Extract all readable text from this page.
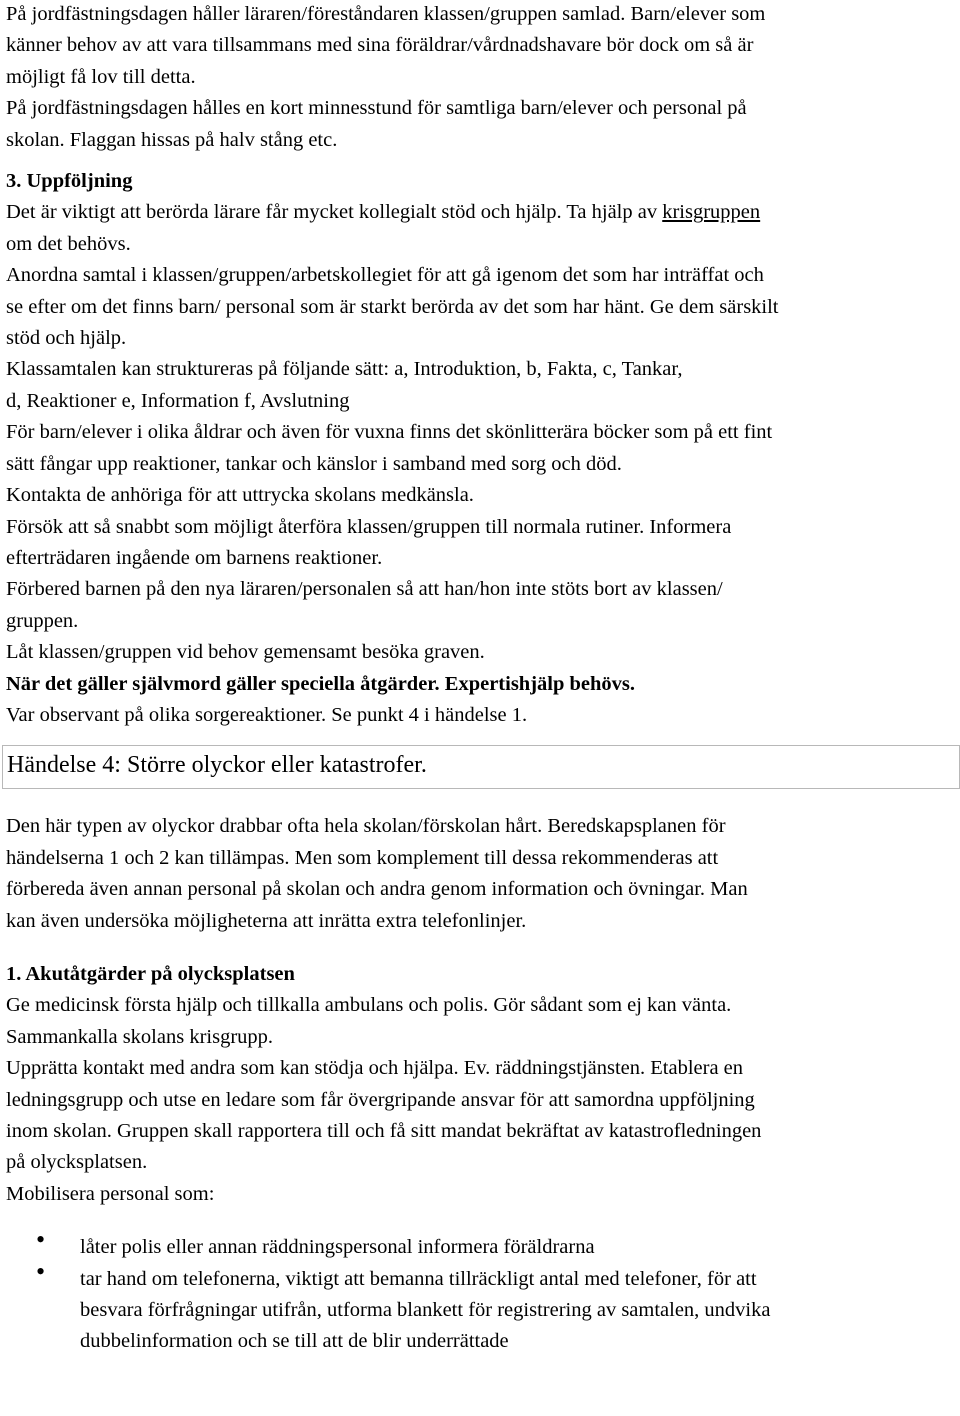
På jordfästningsdagen håller läraren/föreståndaren klassen/gruppen samlad. Barn/elever som

känner behov av att vara tillsammans med sina föräldrar/vårdnadshavare bör dock om så är

möjligt få lov till detta.

På jordfästningsdagen hålles en kort minnesstund för samtliga barn/elever och personal på

skolan. Flaggan hissas på halv stång etc.

3. Uppföljning

Det är viktigt att berörda lärare får mycket kollegialt stöd och hjälp. Ta hjälp av krisgruppen

om det behövs.

Anordna samtal i klassen/gruppen/arbetskollegiet för att gå igenom det som har inträffat och

se efter om det finns barn/ personal som är starkt berörda av det som har hänt. Ge dem särskilt

stöd och hjälp.

Klassamtalen kan struktureras på följande sätt: a, Introduktion, b, Fakta, c, Tankar,

d, Reaktioner e, Information f, Avslutning

För barn/elever i olika åldrar och även för vuxna finns det skönlitterära böcker som på ett fint

sätt fångar upp reaktioner, tankar och känslor i samband med sorg och död.

Kontakta de anhöriga för att uttrycka skolans medkänsla.

Försök att så snabbt som möjligt återföra klassen/gruppen till normala rutiner. Informera

efterträdaren ingående om barnens reaktioner.

Förbered barnen på den nya läraren/personalen så att han/hon inte stöts bort av klassen/

gruppen.

Låt klassen/gruppen vid behov gemensamt besöka graven.

När det gäller självmord gäller speciella åtgärder. Expertishjälp behövs.

Var observant på olika sorgereaktioner. Se punkt 4 i händelse 1.

Händelse 4: Större olyckor eller katastrofer.

Den här typen av olyckor drabbar ofta hela skolan/förskolan hårt. Beredskapsplanen för

händelserna 1 och 2 kan tillämpas. Men som komplement till dessa rekommenderas att

förbereda även annan personal på skolan och andra genom information och övningar. Man

kan även undersöka möjligheterna att inrätta extra telefonlinjer.

1. Akutåtgärder på olycksplatsen

Ge medicinsk första hjälp och tillkalla ambulans och polis. Gör sådant som ej kan vänta.

Sammankalla skolans krisgrupp.

Upprätta kontakt med andra som kan stödja och hjälpa. Ev. räddningstjänsten. Etablera en

ledningsgrupp och utse en ledare som får övergripande ansvar för att samordna uppföljning

inom skolan. Gruppen skall rapportera till och få sitt mandat bekräftat av katastrofledningen

på olycksplatsen.

Mobilisera personal som:

• låter polis eller annan räddningspersonal informera föräldrarna
• tar hand om telefonerna, viktigt att bemanna tillräckligt antal med telefoner, för att
besvara förfrågningar utifrån, utforma blankett för registrering av samtalen, undvika
dubbelinformation och se till att de blir underrättade
